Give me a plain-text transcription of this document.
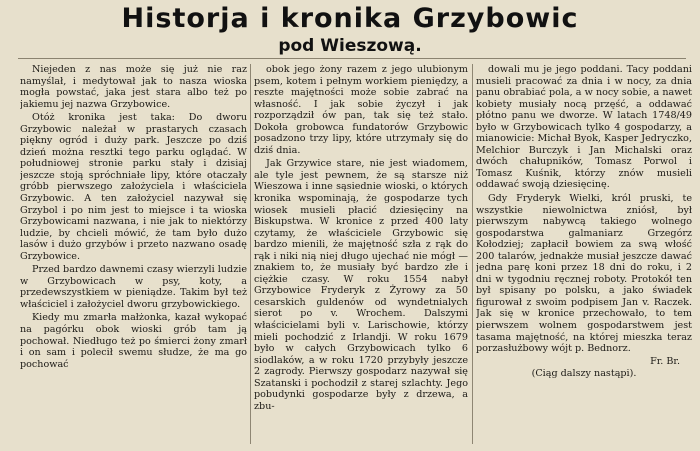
Historja i kronika Grzybowic
pod Wieszową.

Niejeden z nas może się już nie raz namyślał, i medytował jak to nasza wioska mogła powstać, jaka jest stara albo też po jakiemu jej nazwa Grzybowice.

Otóż kronika jest taka: Do dworu Grzybowic należał w prastarych czasach piękny ogród i duży park. Jeszcze po dziś dzień można resztki tego parku oglądać. W południowej stronie parku stały i dzisiaj jeszcze stoją spróchniałe lipy, które otaczały gróbb pierwszego założyciela i właściciela Grzybowic. A ten założyciel nazywał się Grzybol i po nim jest to miejsce i ta wioska Grzybowicami nazwana, i nie jak to niektórzy ludzie, by chcieli mówić, że tam było dużo lasów i dużo grzybów i przeto nazwano osadę Grzybowice.

Przed bardzo dawnemi czasy wierzyli ludzie w Grzybowicach w psy, koty, a przedewszystkiem w pieniądze. Takim był też właściciel i założyciel dworu grzybowickiego.

Kiedy mu zmarła małżonka, kazał wykopać na pagórku obok wioski grób tam ją pochował. Niedługo też po śmierci żony zmarł i on sam i polecił swemu słudze, że ma go pochować

obok jego żony razem z jego ulubionym psem, kotem i pełnym workiem pieniędzy, a reszte majętności może sobie zabrać na własność. I jak sobie życzył i jak rozporządził ów pan, tak się też stało. Dokoła grobowca fundatorów Grzybowic posadzono trzy lipy, które utrzymały się do dziś dnia.

Jak Grzywice stare, nie jest wiadomem, ale tyle jest pewnem, że są starsze niż Wieszowa i inne sąsiednie wioski, o których kronika wspominają, że gospodarze tych wiosek musieli płacić dziesięciny na Biskupstwa. W kronice z przed 400 laty czytamy, że właściciele Grzybowic się bardzo mienili, że majętność szła z rąk do rąk i niki nią niej długo ujechać nie mógł — znakiem to, że musiały być bardzo złe i ciężkie czasy. W roku 1554 nabył Grzybowice Fryderyk z Żyrowy za 50 cesarskich guldenów od wyndetnialych sierot po v. Wrochem. Dalszymi właścicielami byli v. Larischowie, którzy mieli pochodzić z Irlandji. W roku 1679 było w całych Grzybowicach tylko 6 siodlaków, a w roku 1720 przybyły jeszcze 2 zagrody. Pierwszy gospodarz nazywał się Szatanski i pochodził z starej szlachty. Jego pobudynki gospodarze były z drzewa, a zbu-

dowali mu je jego poddani. Tacy poddani musieli pracować za dnia i w nocy, za dnia panu obrabiać pola, a w nocy sobie, a nawet kobiety musiały nocą przęść, a oddawać płótno panu we dworze. W latach 1748/49 było w Grzybowicach tylko 4 gospodarzy, a mianowicie: Michał Byok, Kasper Jedryczko, Melchior Burczyk i Jan Michalski oraz dwóch chałupników, Tomasz Porwol i Tomasz Kuśnik, którzy znów musieli oddawać swoją dziesięcinę.

Gdy Fryderyk Wielki, król pruski, te wszystkie niewolnictwa zniósł, był pierwszym nabywcą takiego wolnego gospodarstwa galmaniarz Grzegórz Kołodziej; zapłacił bowiem za swą włość 200 talarów, jednakże musiał jeszcze dawać jedna parę koni przez 18 dni do roku, i 2 dni w tygodniu ręcznej roboty. Protokół ten był spisany po polsku, a jako świadek figurował z swoim podpisem Jan v. Raczek. Jak się w kronice przechowało, to tem pierwszem wolnem gospodarstwem jest tasama majętność, na której mieszka teraz porzasłużbowy wójt p. Bednorz.

Fr. Br.
(Ciąg dalszy nastąpi).
